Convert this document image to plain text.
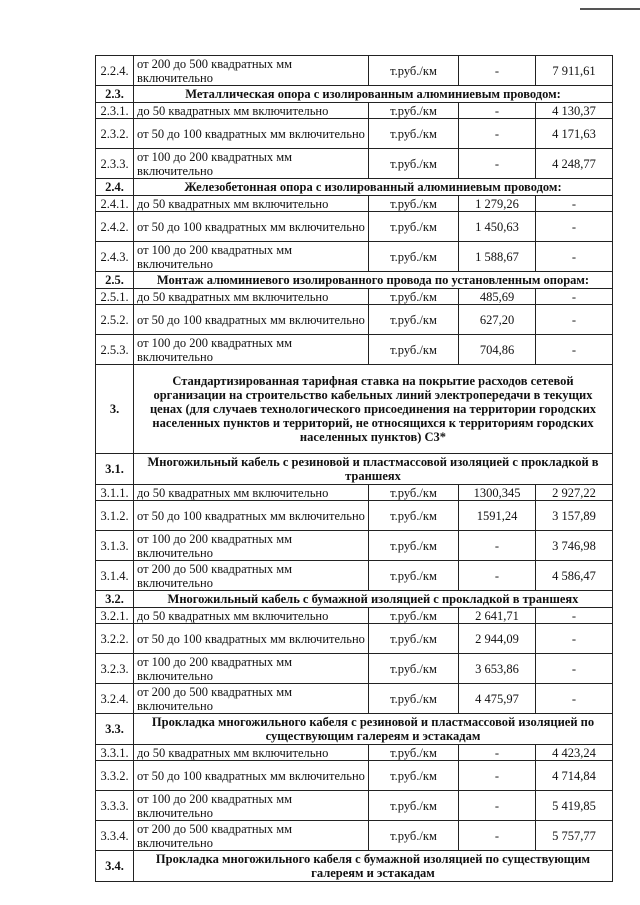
2.2.4.	от 200 до 500 квадратных мм включительно	т.руб./км	-	7 911,61
2.3.	Металлическая опора с изолированным алюминиевым проводом:			
2.3.1.	до 50 квадратных мм включительно	т.руб./км	-	4 130,37
2.3.2.	от 50 до 100 квадратных мм включительно	т.руб./км	-	4 171,63
2.3.3.	от 100 до 200 квадратных мм включительно	т.руб./км	-	4 248,77
2.4.	Железобетонная опора с изолированный алюминиевым проводом:			
2.4.1.	до 50 квадратных мм включительно	т.руб./км	1 279,26	-
2.4.2.	от 50 до 100 квадратных мм включительно	т.руб./км	1 450,63	-
2.4.3.	от 100 до 200 квадратных мм включительно	т.руб./км	1 588,67	-
2.5.	Монтаж алюминиевого изолированного провода по установленным опорам:			
2.5.1.	до 50 квадратных мм включительно	т.руб./км	485,69	-
2.5.2.	от 50 до 100 квадратных мм включительно	т.руб./км	627,20	-
2.5.3.	от 100 до 200 квадратных мм включительно	т.руб./км	704,86	-
3.	Стандартизированная тарифная ставка на покрытие расходов сетевой организации на строительство кабельных линий электропередачи в текущих ценах (для случаев технологического присоединения на территории городских населенных пунктов и территорий, не относящихся к территориям городских населенных пунктов) С3*			
3.1.	Многожильный кабель с резиновой и пластмассовой изоляцией с прокладкой в траншеях			
3.1.1.	до 50 квадратных мм включительно	т.руб./км	1300,345	2 927,22
3.1.2.	от 50 до 100 квадратных мм включительно	т.руб./км	1591,24	3 157,89
3.1.3.	от 100 до 200 квадратных мм включительно	т.руб./км	-	3 746,98
3.1.4.	от 200 до 500 квадратных мм включительно	т.руб./км	-	4 586,47
3.2.	Многожильный кабель с бумажной изоляцией с прокладкой в траншеях			
3.2.1.	до 50 квадратных мм включительно	т.руб./км	2 641,71	-
3.2.2.	от 50 до 100 квадратных мм включительно	т.руб./км	2 944,09	-
3.2.3.	от 100 до 200 квадратных мм включительно	т.руб./км	3 653,86	-
3.2.4.	от 200 до 500 квадратных мм включительно	т.руб./км	4 475,97	-
3.3.	Прокладка многожильного кабеля с резиновой и пластмассовой изоляцией по существующим галереям и эстакадам			
3.3.1.	до 50 квадратных мм включительно	т.руб./км	-	4 423,24
3.3.2.	от 50 до 100 квадратных мм включительно	т.руб./км	-	4 714,84
3.3.3.	от 100 до 200 квадратных мм включительно	т.руб./км	-	5 419,85
3.3.4.	от 200 до 500 квадратных мм включительно	т.руб./км	-	5 757,77
3.4.	Прокладка многожильного кабеля с бумажной изоляцией по существующим галереям и эстакадам			
